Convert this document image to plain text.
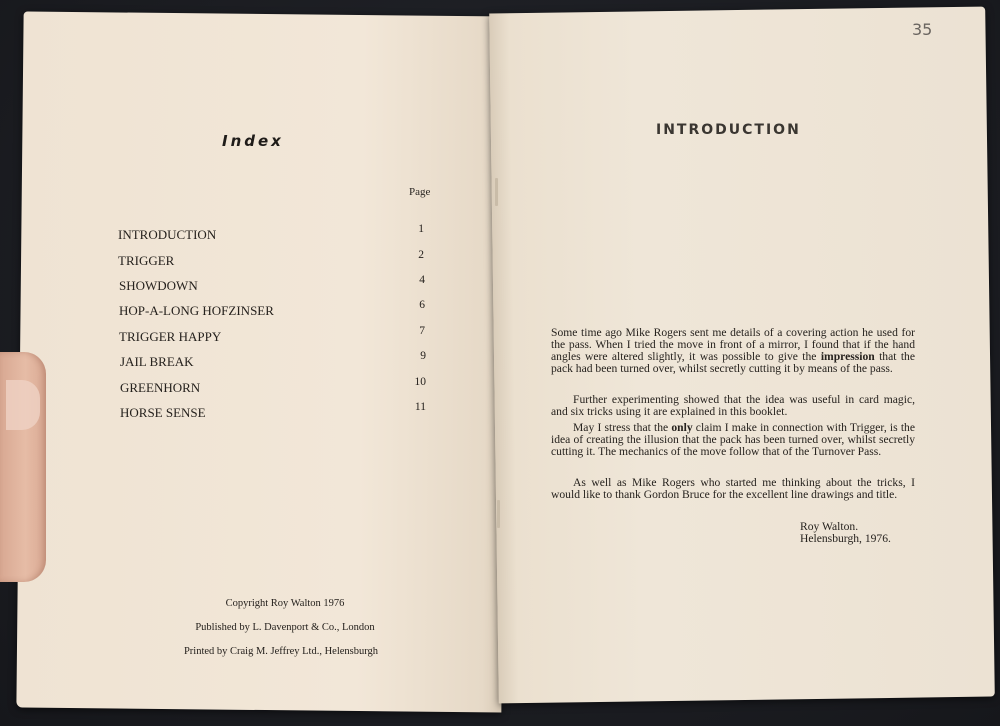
Index
Page
INTRODUCTION	1
TRIGGER	2
SHOWDOWN	4
HOP-A-LONG HOFZINSER	6
TRIGGER HAPPY	7
JAIL BREAK	9
GREENHORN	10
HORSE SENSE	11
Copyright Roy Walton 1976
Published by L. Davenport & Co., London
Printed by Craig M. Jeffrey Ltd., Helensburgh
35
INTRODUCTION
Some time ago Mike Rogers sent me details of a covering action he used for the pass. When I tried the move in front of a mirror, I found that if the hand angles were altered slightly, it was possible to give the impression that the pack had been turned over, whilst secretly cutting it by means of the pass.
Further experimenting showed that the idea was useful in card magic, and six tricks using it are explained in this booklet.
May I stress that the only claim I make in connection with Trigger, is the idea of creating the illusion that the pack has been turned over, whilst secretly cutting it. The mechanics of the move follow that of the Turnover Pass.
As well as Mike Rogers who started me thinking about the tricks, I would like to thank Gordon Bruce for the excellent line drawings and title.
Roy Walton.
Helensburgh, 1976.
